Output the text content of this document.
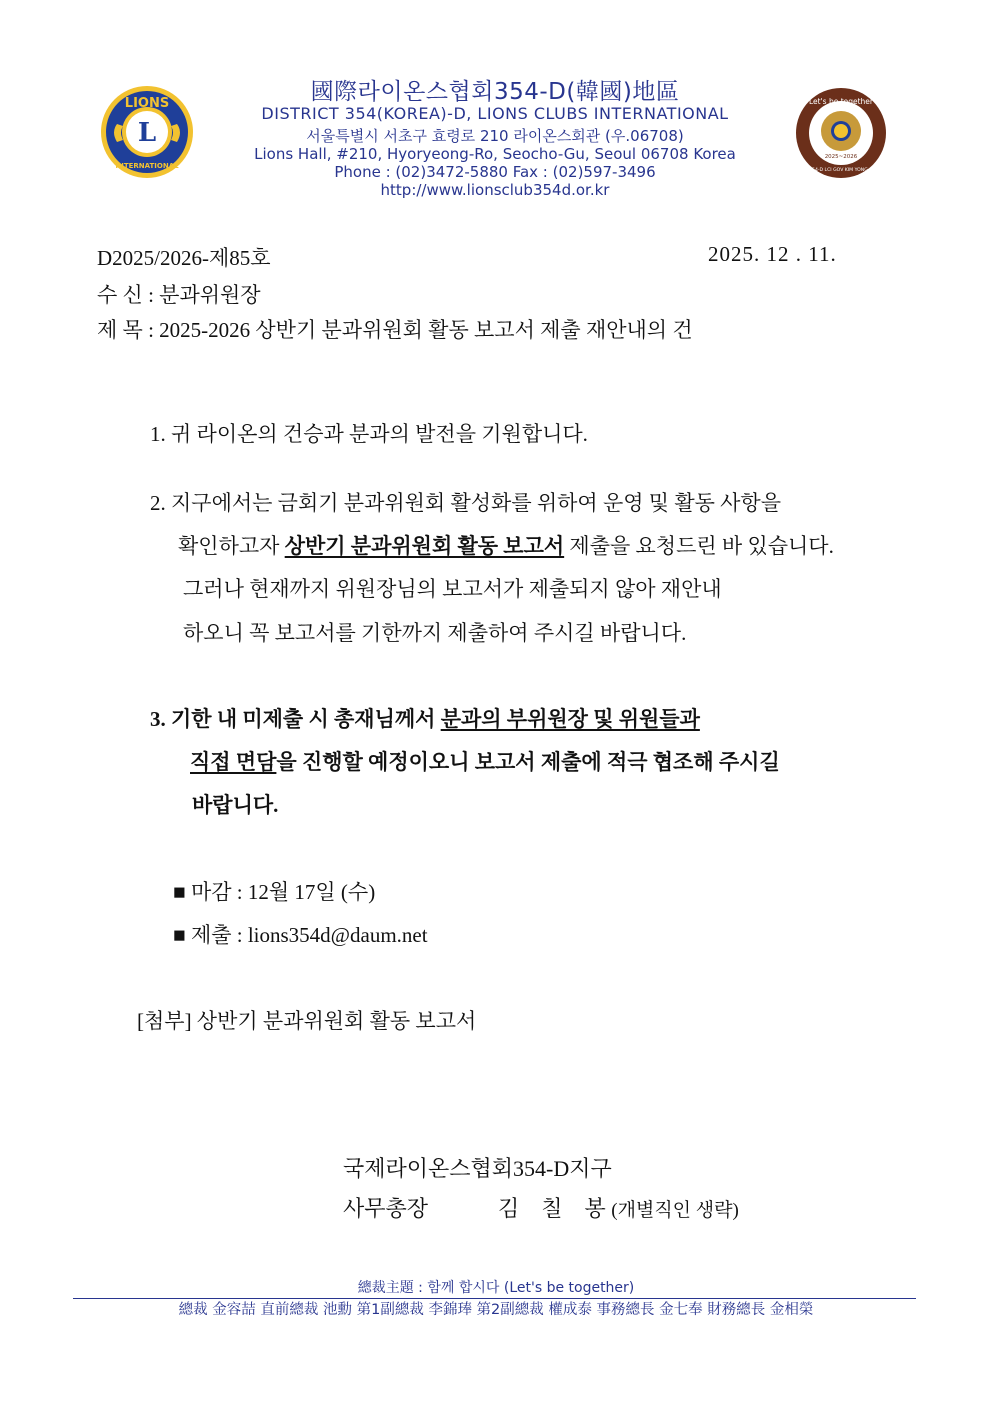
LIONS
L
INTERNATIONAL
Let's be together
2025~2026
DIST 354-D LCI GOV KIM YONG CHEOL
國際라이온스협회354-D(韓國)地區
DISTRICT 354(KOREA)-D, LIONS CLUBS INTERNATIONAL
서울특별시 서초구 효령로 210 라이온스회관 (우.06708)
Lions Hall, #210, Hyoryeong-Ro, Seocho-Gu, Seoul 06708 Korea
Phone : (02)3472-5880 Fax : (02)597-3496
http://www.lionsclub354d.or.kr
D2025/2026-제85호	2025. 12 . 11.
수 신 : 분과위원장
제 목 : 2025-2026 상반기 분과위원회 활동 보고서 제출 재안내의 건
1. 귀 라이온의 건승과 분과의 발전을 기원합니다.
2. 지구에서는 금회기 분과위원회 활성화를 위하여 운영 및 활동 사항을
확인하고자 상반기 분과위원회 활동 보고서 제출을 요청드린 바 있습니다.
그러나 현재까지 위원장님의 보고서가 제출되지 않아 재안내
하오니 꼭 보고서를 기한까지 제출하여 주시길 바랍니다.
3. 기한 내 미제출 시 총재님께서 분과의 부위원장 및 위원들과
직접 면담을 진행할 예정이오니 보고서 제출에 적극 협조해 주시길
바랍니다.
■ 마감 : 12월 17일 (수)
■ 제출 : lions354d@daum.net
[첨부] 상반기 분과위원회 활동 보고서
국제라이온스협회354-D지구
사무총장	김    칠    봉 (개별직인 생략)
總裁主題 : 함께 합시다 (Let's be together)
總裁 金容喆 直前總裁 池勳 第1副總裁 李錦琫 第2副總裁 權成泰 事務總長 金七奉 財務總長 金相榮
